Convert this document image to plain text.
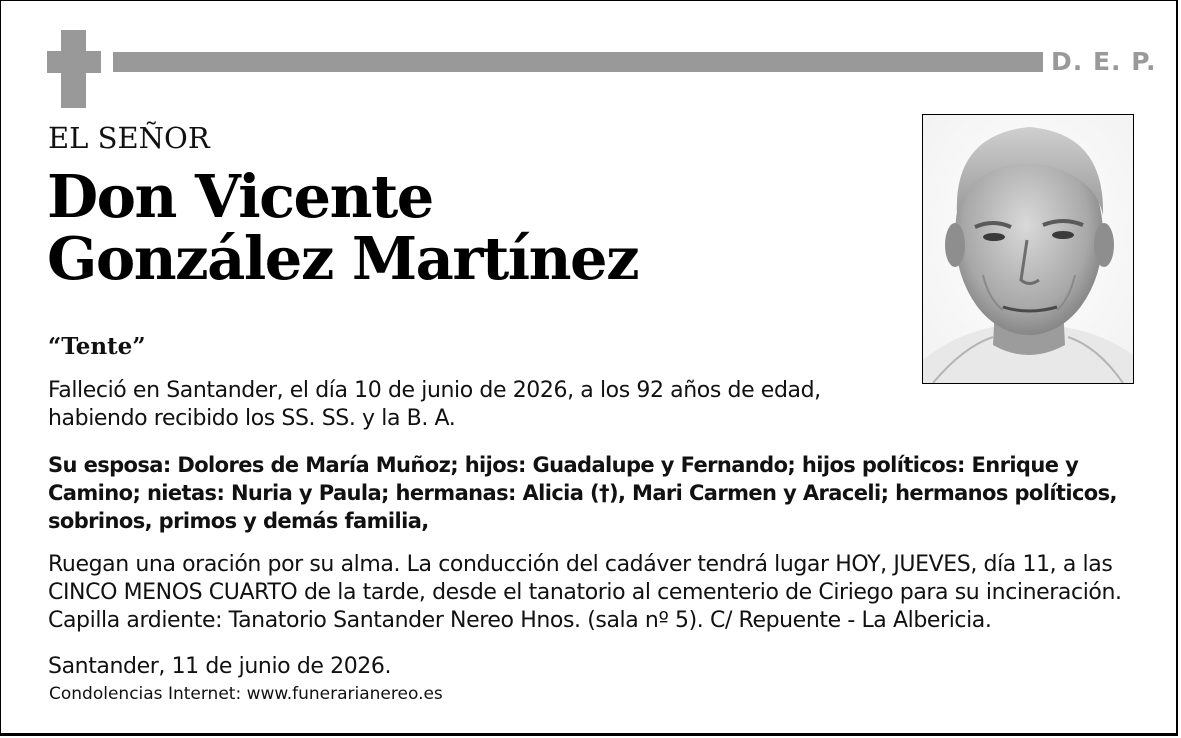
D. E. P.
EL SEÑOR
Don Vicente
González Martínez
“Tente”
Falleció en Santander, el día 10 de junio de 2026, a los 92 años de edad,
habiendo recibido los SS. SS. y la B. A.
Su esposa: Dolores de María Muñoz; hijos: Guadalupe y Fernando; hijos políticos: Enrique y
Camino; nietas: Nuria y Paula; hermanas: Alicia (†), Mari Carmen y Araceli; hermanos políticos,
sobrinos, primos y demás familia,
Ruegan una oración por su alma. La conducción del cadáver tendrá lugar HOY, JUEVES, día 11, a las
CINCO MENOS CUARTO de la tarde, desde el tanatorio al cementerio de Ciriego para su incineración.
Capilla ardiente: Tanatorio Santander Nereo Hnos. (sala nº 5). C/ Repuente - La Albericia.
Santander, 11 de junio de 2026.
Condolencias Internet: www.funerarianereo.es
